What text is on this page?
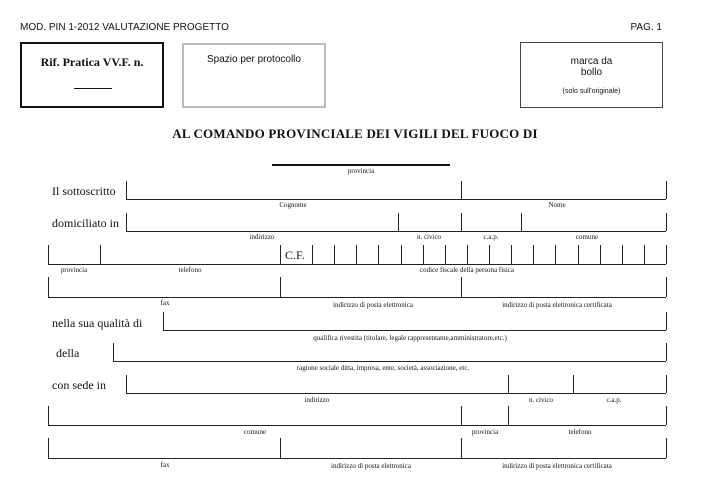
MOD. PIN 1-2012 VALUTAZIONE PROGETTO	PAG. 1
Rif. Pratica VV.F. n.	Spazio per protocollo	marca da
bollo
(solo sull'originale)
AL COMANDO PROVINCIALE DEI VIGILI DEL FUOCO DI
provincia
Il sottoscritto
Cognome	Nome
domiciliato in
indirizzo	n. civico	c.a.p.	comune
C.F.
provincia	telefono	codice fiscale della persona fisica
fax	indirizzo di posta elettronica	indirizzo di posta elettronica certificata
nella sua qualità di
qualifica rivestita (titolare, legale rappresentante,amministratore,etc.)
della
ragione sociale ditta, impresa, ente, società, associazione, etc.
con sede in
indirizzo	n. civico	c.a.p.
comune	provincia	telefono
fax	indirizzo di posta elettronica	indirizzo di posta elettronica certificata
